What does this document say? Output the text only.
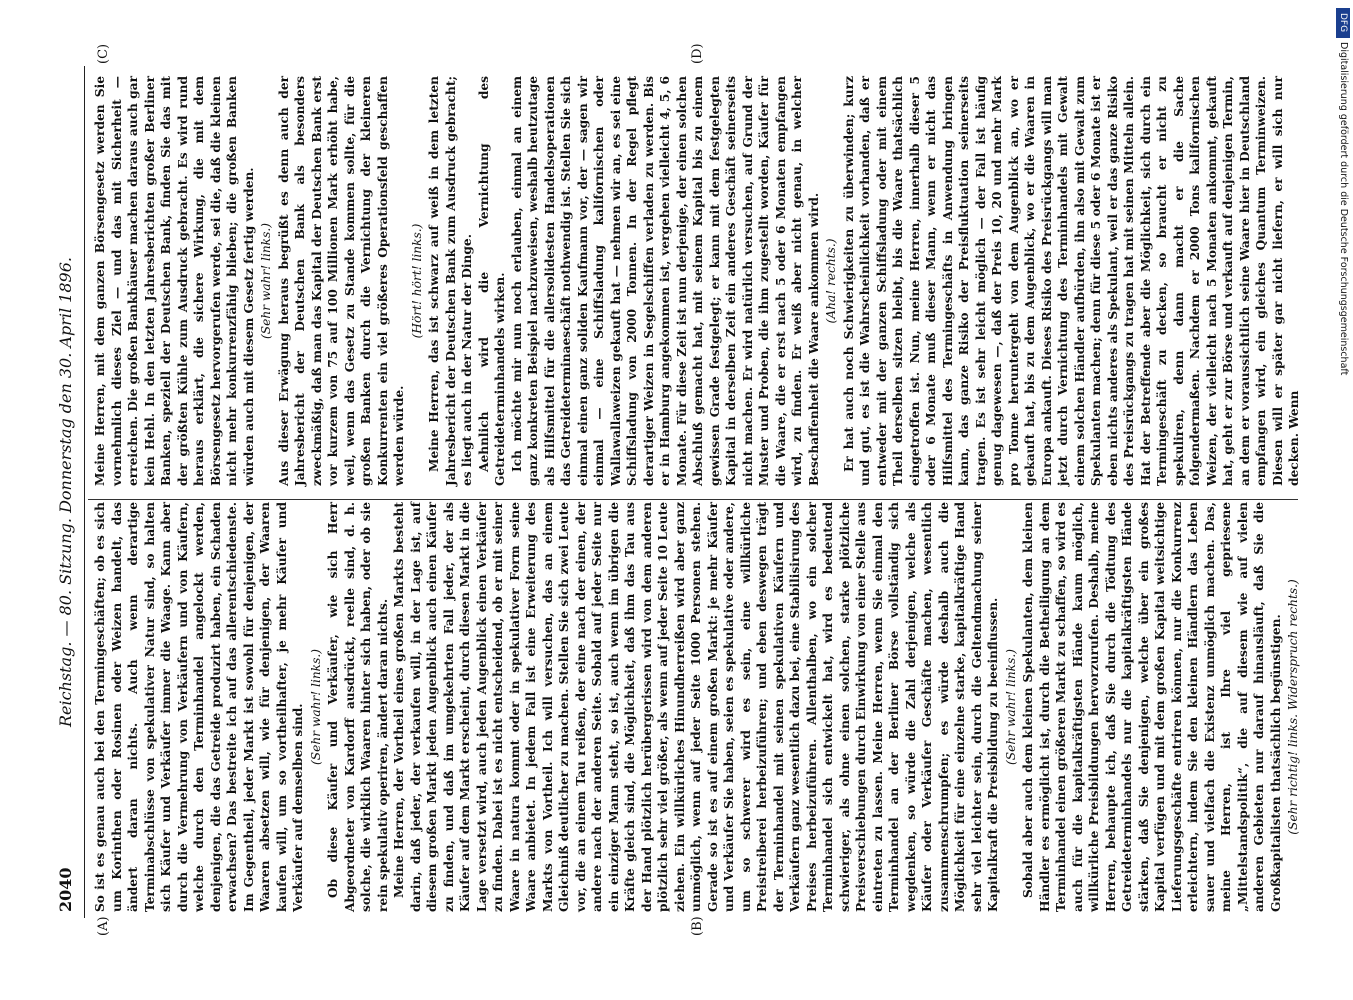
2040
Reichstag. — 80. Sitzung. Donnerstag den 30. April 1896.
(A)	(B)
(C)	(D)

So ist es genau auch bei den Termingeschäften; ob es sich um Korinthen oder Rosinen oder Weizen handelt, das ändert daran nichts. Auch wenn derartige Terminabschlüsse von spekulativer Natur sind, so halten sich Käufer und Verkäufer immer die Waage. Kann aber durch die Vermehrung von Verkäufern und von Käufern, welche durch den Terminhandel angelockt werden, denjenigen, die das Getreide produzirt haben, ein Schaden erwachsen? Das bestreite ich auf das allerentschiedenste. Im Gegentheil, jeder Markt ist sowohl für denjenigen, der Waaren absetzen will, wie für denjenigen, der Waaren kaufen will, um so vortheilhafter, je mehr Käufer und Verkäufer auf demselben sind. (Sehr wahr! links.) Ob diese Käufer und Verkäufer, wie sich Herr Abgeordneter von Kardorff ausdrückt, reelle sind, d. h. solche, die wirklich Waaren hinter sich haben, oder ob sie rein spekulativ operiren, ändert daran nichts. Meine Herren, der Vortheil eines großen Markts besteht darin, daß jeder, der verkaufen will, in der Lage ist, auf diesem großen Markt jeden Augenblick auch einen Käufer zu finden, und daß im umgekehrten Fall jeder, der als Käufer auf dem Markt erscheint, durch diesen Markt in die Lage versetzt wird, auch jeden Augenblick einen Verkäufer zu finden. Dabei ist es nicht entscheidend, ob er mit seiner Waare in natura kommt oder in spekulativer Form seine Waare anbietet. In jedem Fall ist eine Erweiterung des Markts von Vortheil. Ich will versuchen, das an einem Gleichniß deutlicher zu machen. Stellen Sie sich zwei Leute vor, die an einem Tau reißen, der eine nach der einen, der andere nach der anderen Seite. Sobald auf jeder Seite nur ein einziger Mann steht, so ist, auch wenn im übrigen die Kräfte gleich sind, die Möglichkeit, daß ihm das Tau aus der Hand plötzlich herübergerissen wird von dem anderen plötzlich sehr viel größer, als wenn auf jeder Seite 10 Leute ziehen. Ein willkürliches Hinundherreißen wird aber ganz unmöglich, wenn auf jeder Seite 1000 Personen stehen. Gerade so ist es auf einem großen Markt: je mehr Käufer und Verkäufer Sie haben, seien es spekulative oder andere, um so schwerer wird es sein, eine willkürliche Preistreiberei herbeizuführen; und eben deswegen trägt der Terminhandel mit seinen spekulativen Käufern und Verkäufern ganz wesentlich dazu bei, eine Stabilisirung des Preises herbeizuführen. Allenthalben, wo ein solcher Terminhandel sich entwickelt hat, wird es bedeutend schwieriger, als ohne einen solchen, starke plötzliche Preisverschiebungen durch Einwirkung von einer Stelle aus eintreten zu lassen. Meine Herren, wenn Sie einmal den Terminhandel an der Berliner Börse vollständig sich wegdenken, so würde die Zahl derjenigen, welche als Käufer oder Verkäufer Geschäfte machen, wesentlich zusammenschrumpfen; es würde deshalb auch die Möglichkeit für eine einzelne starke, kapitalkräftige Hand sehr viel leichter sein, durch die Geltendmachung seiner Kapitalkraft die Preisbildung zu beeinflussen. (Sehr wahr! links.) Sobald aber auch dem kleinen Spekulanten, dem kleinen Händler es ermöglicht ist, durch die Betheiligung an dem Terminhandel einen größeren Markt zu schaffen, so wird es auch für die kapitalkräftigsten Hände kaum möglich, willkürliche Preisbildungen hervorzurufen. Deshalb, meine Herren, behaupte ich, daß Sie durch die Tödtung des Getreideterminhandels nur die kapitalkräftigsten Hände stärken, daß Sie denjenigen, welche über ein großes Kapital verfügen und mit dem großen Kapital weitsichtige Lieferungsgeschäfte entriren können, nur die Konkurrenz erleichtern, indem Sie den kleinen Händlern das Leben sauer und vielfach die Existenz unmöglich machen. Das, meine Herren, ist Ihre viel gepriesene „Mittelstandspolitik“, die auf diesem wie auf vielen anderen Gebieten nur darauf hinausläuft, daß Sie die Großkapitalisten thatsächlich begünstigen. (Sehr richtig! links. Widerspruch rechts.)

Meine Herren, mit dem ganzen Börsengesetz werden Sie vornehmlich dieses Ziel — und das mit Sicherheit — erreichen. Die großen Bankhäuser machen daraus auch gar kein Hehl. In den letzten Jahresberichten großer Berliner Banken, speziell der Deutschen Bank, finden Sie das mit der größten Kühle zum Ausdruck gebracht. Es wird rund heraus erklärt, die sichere Wirkung, die mit dem Börsengesetz hervorgerufen werde, sei die, daß die kleinen nicht mehr konkurrenzfähig blieben; die großen Banken würden auch mit diesem Gesetz fertig werden. (Sehr wahr! links.) Aus dieser Erwägung heraus begrüßt es denn auch der Jahresbericht der Deutschen Bank als besonders zweckmäßig, daß man das Kapital der Deutschen Bank erst vor kurzem von 75 auf 100 Millionen Mark erhöht habe, weil, wenn das Gesetz zu Stande kommen sollte, für die großen Banken durch die Vernichtung der kleineren Konkurrenten ein viel größeres Operationsfeld geschaffen werden würde.

(Hört! hört! links.) Meine Herren, das ist schwarz auf weiß in dem letzten Jahresbericht der Deutschen Bank zum Ausdruck gebracht; es liegt auch in der Natur der Dinge. Aehnlich wird die Vernichtung des Getreideterminhandels wirken. Ich möchte mir nun noch erlauben, einmal an einem ganz konkreten Beispiel nachzuweisen, weshalb heutzutage als Hilfsmittel für die allersolidesten Handelsoperationen das Getreideterminaeschäft nothwendig ist. Stellen Sie sich einmal einen ganz soliden Kaufmann vor, der — sagen wir einmal — eine Schiffsladung kalifornischen oder Wallawallaweizen gekauft hat — nehmen wir an, es sei eine Schiffsladung von 2000 Tonnen. In der Regel pflegt derartiger Weizen in Segelschiffen verladen zu werden. Bis er in Hamburg angekommen ist, vergehen vielleicht 4, 5, 6 Monate. Für diese Zeit ist nun derjenige, der einen solchen Abschluß gemacht hat, mit seinem Kapital bis zu einem gewissen Grade festgelegt; er kann mit dem festgelegten Kapital in derselben Zeit ein anderes Geschäft seinerseits nicht machen. Er wird natürlich versuchen, auf Grund der Muster und Proben, die ihm zugestellt worden, Käufer für die Waare, die er erst nach 5 oder 6 Monaten empfangen wird, zu finden. Er weiß aber nicht genau, in welcher Beschaffenheit die Waare ankommen wird. (Aha! rechts.) Er hat auch noch Schwierigkeiten zu überwinden; kurz und gut, es ist die Wahrscheinlichkeit vorhanden, daß er entweder mit der ganzen Schiffsladung oder mit einem Theil derselben sitzen bleibt, bis die Waare thatsächlich eingetroffen ist. Nun, meine Herren, innerhalb dieser 5 oder 6 Monate muß dieser Mann, wenn er nicht das Hilfsmittel des Termingeschäfts in Anwendung bringen kann, das ganze Risiko der Preisfluktuation seinerseits tragen. Es ist sehr leicht möglich — der Fall ist häufig genug dagewesen —, daß der Preis 10, 20 und mehr Mark pro Tonne heruntergeht von dem Augenblick an, wo er gekauft hat, bis zu dem Augenblick, wo er die Waaren in Europa ankauft. Dieses Risiko des Preisrückgangs will man jetzt durch Vernichtung des Terminhandels mit Gewalt einem solchen Händler aufbürden, ihn also mit Gewalt zum Spekulanten machen; denn für diese 5 oder 6 Monate ist er eben nichts anderes als Spekulant, weil er das ganze Risiko des Preisrückgangs zu tragen hat mit seinen Mitteln allein. Hat der Betreffende aber die Möglichkeit, sich durch ein Termingeschäft zu decken, so braucht er nicht zu spekuliren, denn dann macht er die Sache folgendermaßen. Nachdem er 2000 Tons kalifornischen Weizen, der vielleicht nach 5 Monaten ankommt, gekauft hat, geht er zur Börse und verkauft auf denjenigen Termin, an dem er voraussichtlich seine Waare hier in Deutschland empfangen wird, ein gleiches Quantum Terminweizen. Diesen will er später gar nicht liefern, er will sich nur decken. Wenn

DFG
Digitalisierung gefördert durch die Deutsche Forschungsgemeinschaft
